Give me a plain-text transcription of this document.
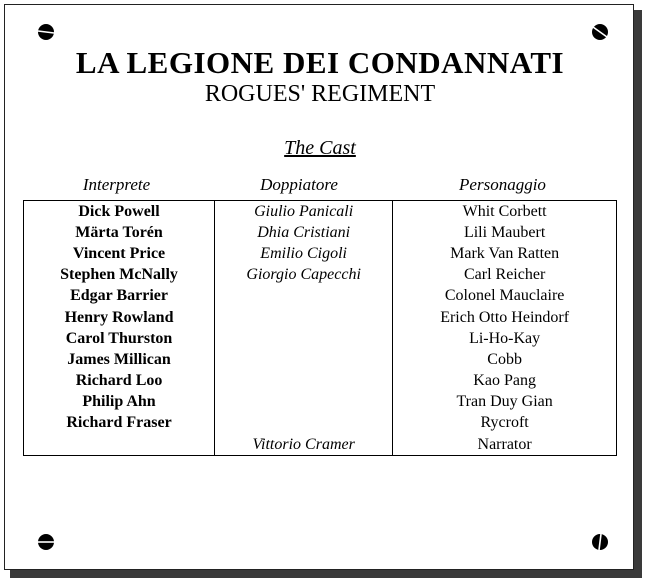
LA LEGIONE DEI CONDANNATI
ROGUES' REGIMENT
The Cast
Interprete	Doppiatore	Personaggio
Dick Powell	Giulio Panicali	Whit Corbett
Märta Torén	Dhia Cristiani	Lili Maubert
Vincent Price	Emilio Cigoli	Mark Van Ratten
Stephen McNally	Giorgio Capecchi	Carl Reicher
Edgar Barrier		Colonel Mauclaire
Henry Rowland		Erich Otto Heindorf
Carol Thurston		Li-Ho-Kay
James Millican		Cobb
Richard Loo		Kao Pang
Philip Ahn		Tran Duy Gian
Richard Fraser		Rycroft
	Vittorio Cramer	Narrator
